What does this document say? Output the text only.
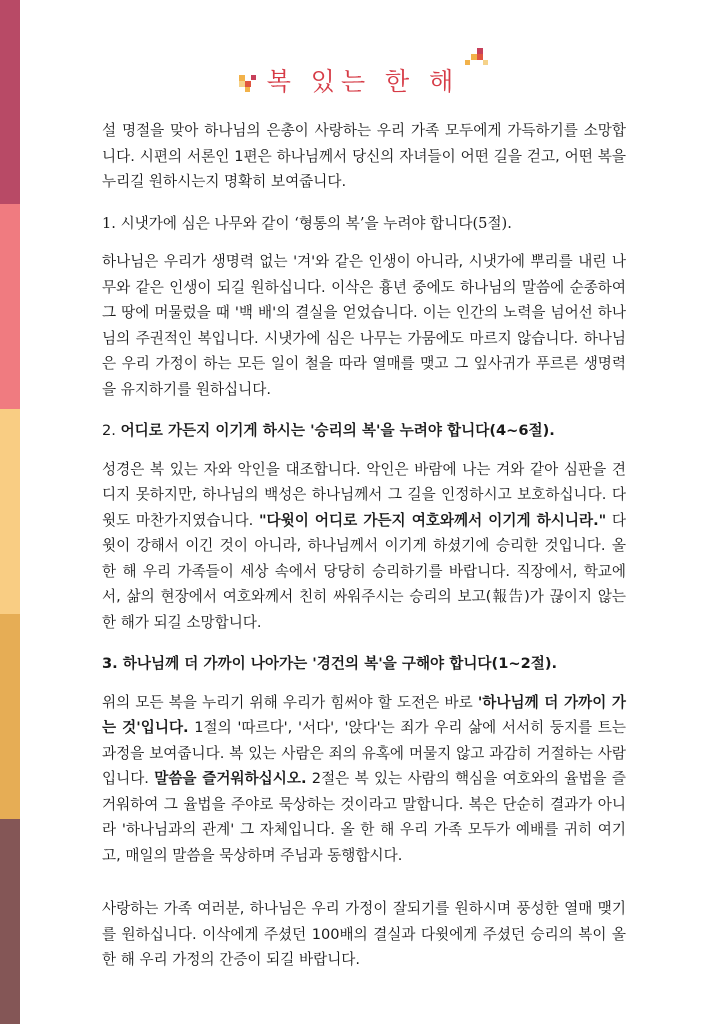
복 있는 한 해

설 명절을 맞아 하나님의 은총이 사랑하는 우리 가족 모두에게 가득하기를 소망합니다. 시편의 서론인 1편은 하나님께서 당신의 자녀들이 어떤 길을 걷고, 어떤 복을 누리길 원하시는지 명확히 보여줍니다.

1. 시냇가에 심은 나무와 같이 ‘형통의 복’을 누려야 합니다(5절).

하나님은 우리가 생명력 없는 '겨'와 같은 인생이 아니라, 시냇가에 뿌리를 내린 나무와 같은 인생이 되길 원하십니다. 이삭은 흉년 중에도 하나님의 말씀에 순종하여 그 땅에 머물렀을 때 '백 배'의 결실을 얻었습니다. 이는 인간의 노력을 넘어선 하나님의 주권적인 복입니다. 시냇가에 심은 나무는 가뭄에도 마르지 않습니다. 하나님은 우리 가정이 하는 모든 일이 철을 따라 열매를 맺고 그 잎사귀가 푸르른 생명력을 유지하기를 원하십니다.

2. 어디로 가든지 이기게 하시는 '승리의 복'을 누려야 합니다(4~6절).

성경은 복 있는 자와 악인을 대조합니다. 악인은 바람에 나는 겨와 같아 심판을 견디지 못하지만, 하나님의 백성은 하나님께서 그 길을 인정하시고 보호하십니다. 다윗도 마찬가지였습니다. "다윗이 어디로 가든지 여호와께서 이기게 하시니라." 다윗이 강해서 이긴 것이 아니라, 하나님께서 이기게 하셨기에 승리한 것입니다. 올 한 해 우리 가족들이 세상 속에서 당당히 승리하기를 바랍니다. 직장에서, 학교에서, 삶의 현장에서 여호와께서 친히 싸워주시는 승리의 보고(報告)가 끊이지 않는 한 해가 되길 소망합니다.

3. 하나님께 더 가까이 나아가는 '경건의 복'을 구해야 합니다(1~2절).

위의 모든 복을 누리기 위해 우리가 힘써야 할 도전은 바로 '하나님께 더 가까이 가는 것'입니다. 1절의 '따르다', '서다', '앉다'는 죄가 우리 삶에 서서히 둥지를 트는 과정을 보여줍니다. 복 있는 사람은 죄의 유혹에 머물지 않고 과감히 거절하는 사람입니다. 말씀을 즐거워하십시오. 2절은 복 있는 사람의 핵심을 여호와의 율법을 즐거워하여 그 율법을 주야로 묵상하는 것이라고 말합니다. 복은 단순히 결과가 아니라 '하나님과의 관계' 그 자체입니다. 올 한 해 우리 가족 모두가 예배를 귀히 여기고, 매일의 말씀을 묵상하며 주님과 동행합시다.

사랑하는 가족 여러분, 하나님은 우리 가정이 잘되기를 원하시며 풍성한 열매 맺기를 원하십니다. 이삭에게 주셨던 100배의 결실과 다윗에게 주셨던 승리의 복이 올 한 해 우리 가정의 간증이 되길 바랍니다.
